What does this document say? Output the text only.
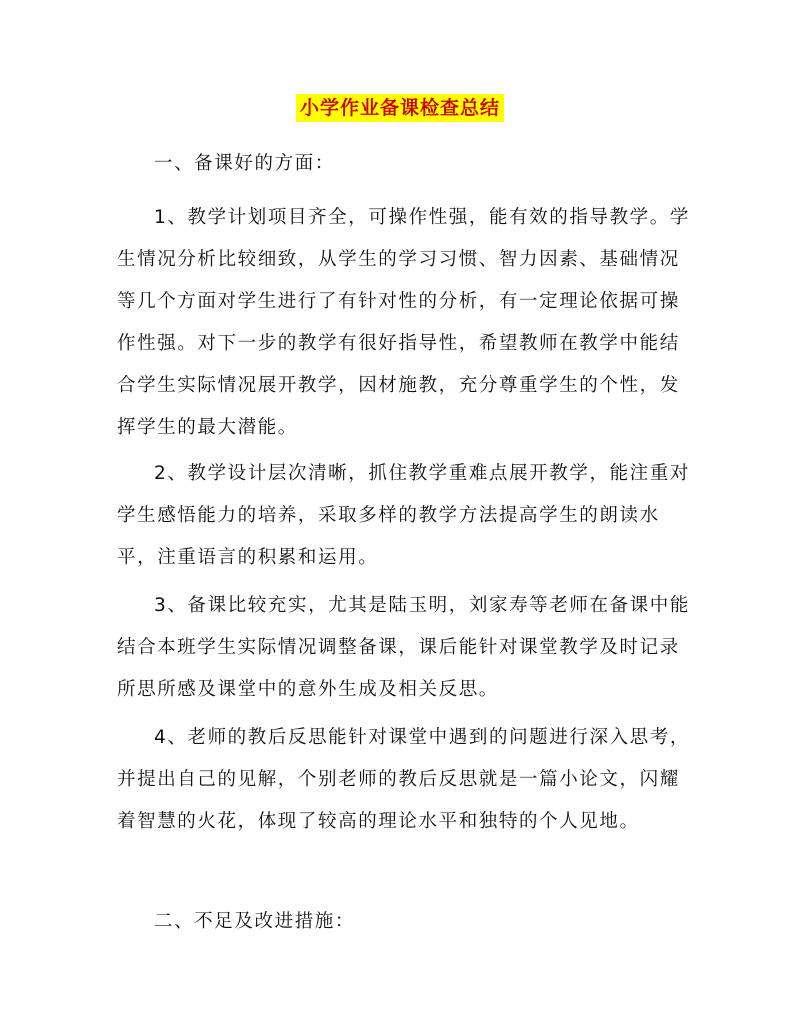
小学作业备课检查总结
一、备课好的方面：

1、教学计划项目齐全，可操作性强，能有效的指导教学。学生情况分析比较细致，从学生的学习习惯、智力因素、基础情况等几个方面对学生进行了有针对性的分析，有一定理论依据可操作性强。对下一步的教学有很好指导性，希望教师在教学中能结合学生实际情况展开教学，因材施教，充分尊重学生的个性，发挥学生的最大潜能。

2、教学设计层次清晰，抓住教学重难点展开教学，能注重对学生感悟能力的培养，采取多样的教学方法提高学生的朗读水平，注重语言的积累和运用。

3、备课比较充实，尤其是陆玉明，刘家寿等老师在备课中能结合本班学生实际情况调整备课，课后能针对课堂教学及时记录所思所感及课堂中的意外生成及相关反思。

4、老师的教后反思能针对课堂中遇到的问题进行深入思考，并提出自己的见解，个别老师的教后反思就是一篇小论文，闪耀着智慧的火花，体现了较高的理论水平和独特的个人见地。

二、不足及改进措施：
